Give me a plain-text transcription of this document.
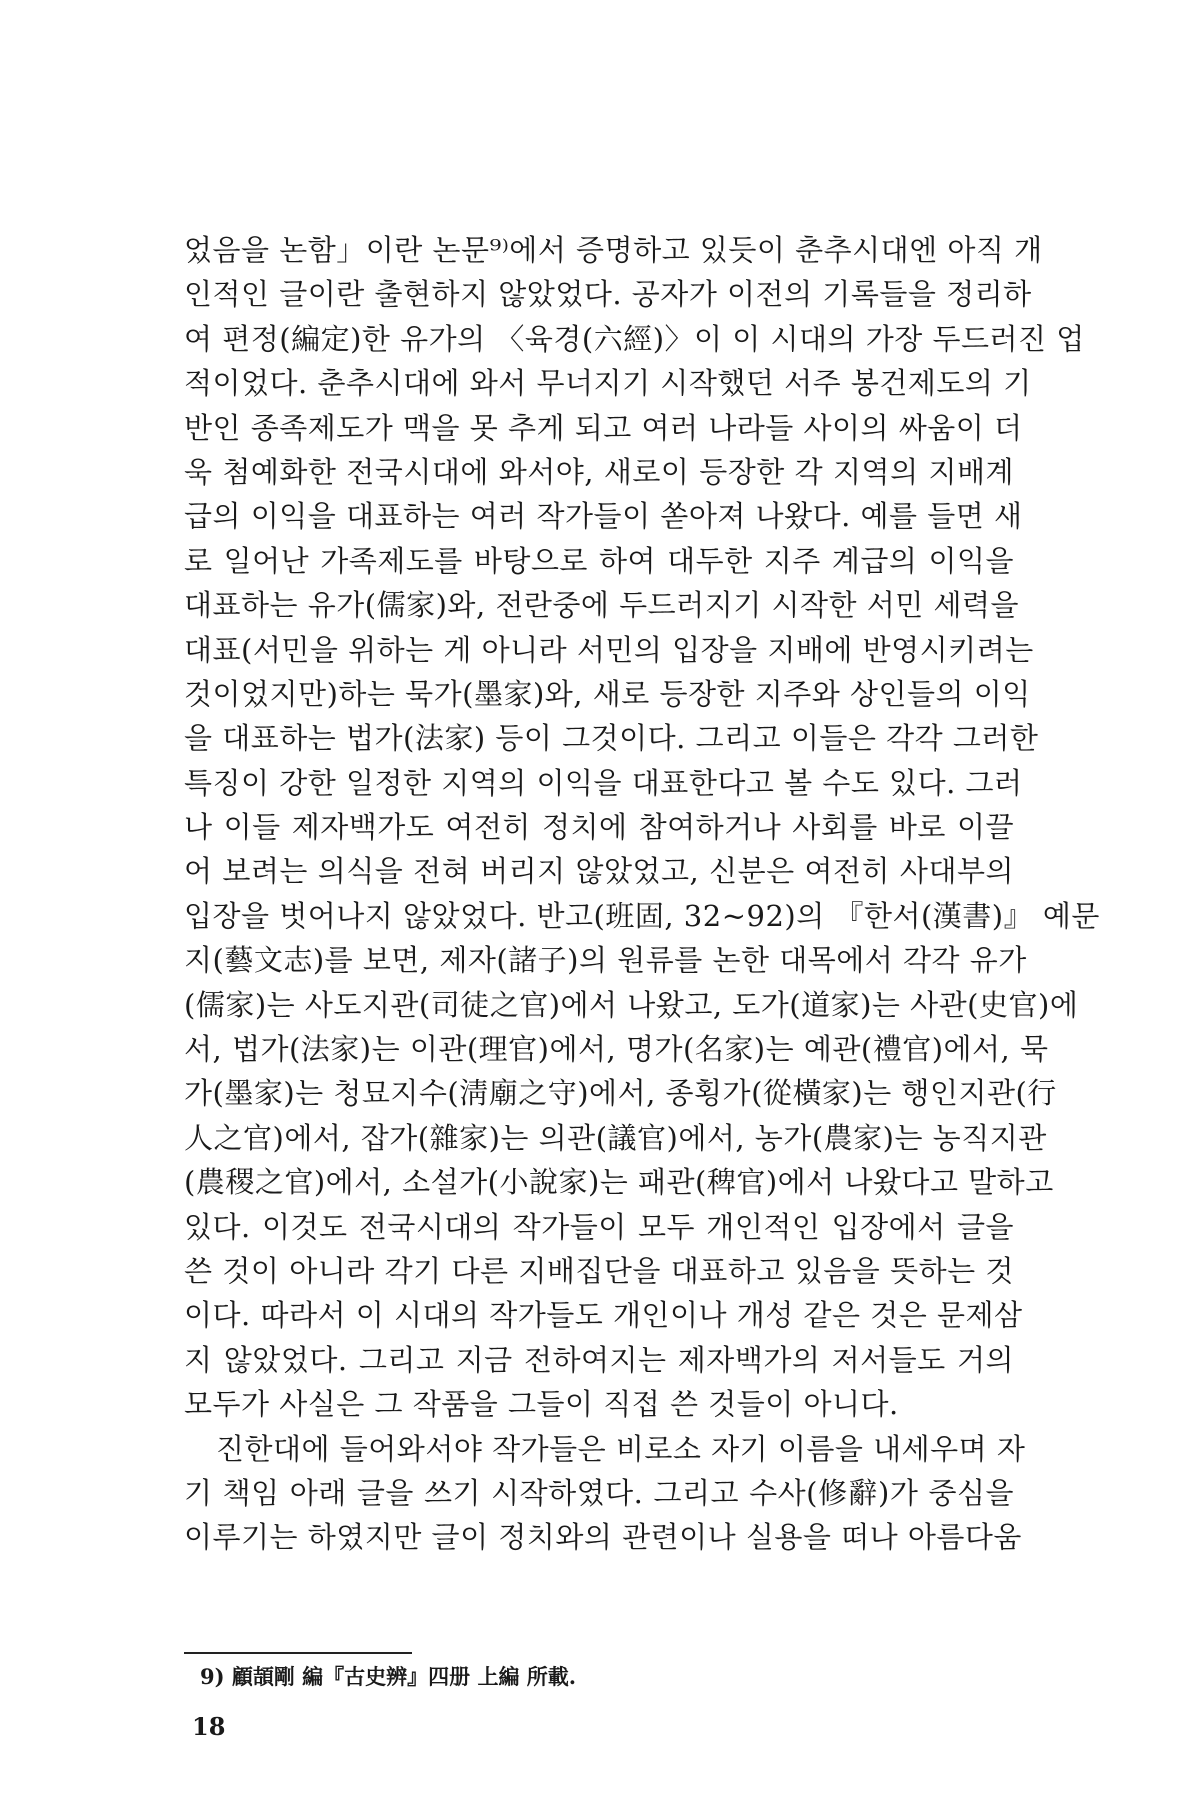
었음을 논함」이란 논문⁹⁾에서 증명하고 있듯이 춘추시대엔 아직 개
인적인 글이란 출현하지 않았었다. 공자가 이전의 기록들을 정리하
여 편정(編定)한 유가의 〈육경(六經)〉이 이 시대의 가장 두드러진 업
적이었다. 춘추시대에 와서 무너지기 시작했던 서주 봉건제도의 기
반인 종족제도가 맥을 못 추게 되고 여러 나라들 사이의 싸움이 더
욱 첨예화한 전국시대에 와서야, 새로이 등장한 각 지역의 지배계
급의 이익을 대표하는 여러 작가들이 쏟아져 나왔다. 예를 들면 새
로 일어난 가족제도를 바탕으로 하여 대두한 지주 계급의 이익을
대표하는 유가(儒家)와, 전란중에 두드러지기 시작한 서민 세력을
대표(서민을 위하는 게 아니라 서민의 입장을 지배에 반영시키려는
것이었지만)하는 묵가(墨家)와, 새로 등장한 지주와 상인들의 이익
을 대표하는 법가(法家) 등이 그것이다. 그리고 이들은 각각 그러한
특징이 강한 일정한 지역의 이익을 대표한다고 볼 수도 있다. 그러
나 이들 제자백가도 여전히 정치에 참여하거나 사회를 바로 이끌
어 보려는 의식을 전혀 버리지 않았었고, 신분은 여전히 사대부의
입장을 벗어나지 않았었다. 반고(班固, 32~92)의 『한서(漢書)』 예문
지(藝文志)를 보면, 제자(諸子)의 원류를 논한 대목에서 각각 유가
(儒家)는 사도지관(司徒之官)에서 나왔고, 도가(道家)는 사관(史官)에
서, 법가(法家)는 이관(理官)에서, 명가(名家)는 예관(禮官)에서, 묵
가(墨家)는 청묘지수(淸廟之守)에서, 종횡가(從橫家)는 행인지관(行
人之官)에서, 잡가(雜家)는 의관(議官)에서, 농가(農家)는 농직지관
(農稷之官)에서, 소설가(小說家)는 패관(稗官)에서 나왔다고 말하고
있다. 이것도 전국시대의 작가들이 모두 개인적인 입장에서 글을
쓴 것이 아니라 각기 다른 지배집단을 대표하고 있음을 뜻하는 것
이다. 따라서 이 시대의 작가들도 개인이나 개성 같은 것은 문제삼
지 않았었다. 그리고 지금 전하여지는 제자백가의 저서들도 거의
모두가 사실은 그 작품을 그들이 직접 쓴 것들이 아니다.
진한대에 들어와서야 작가들은 비로소 자기 이름을 내세우며 자
기 책임 아래 글을 쓰기 시작하였다. 그리고 수사(修辭)가 중심을
이루기는 하였지만 글이 정치와의 관련이나 실용을 떠나 아름다움
9) 顧頡剛 編『古史辨』四册 上編 所載.
18
